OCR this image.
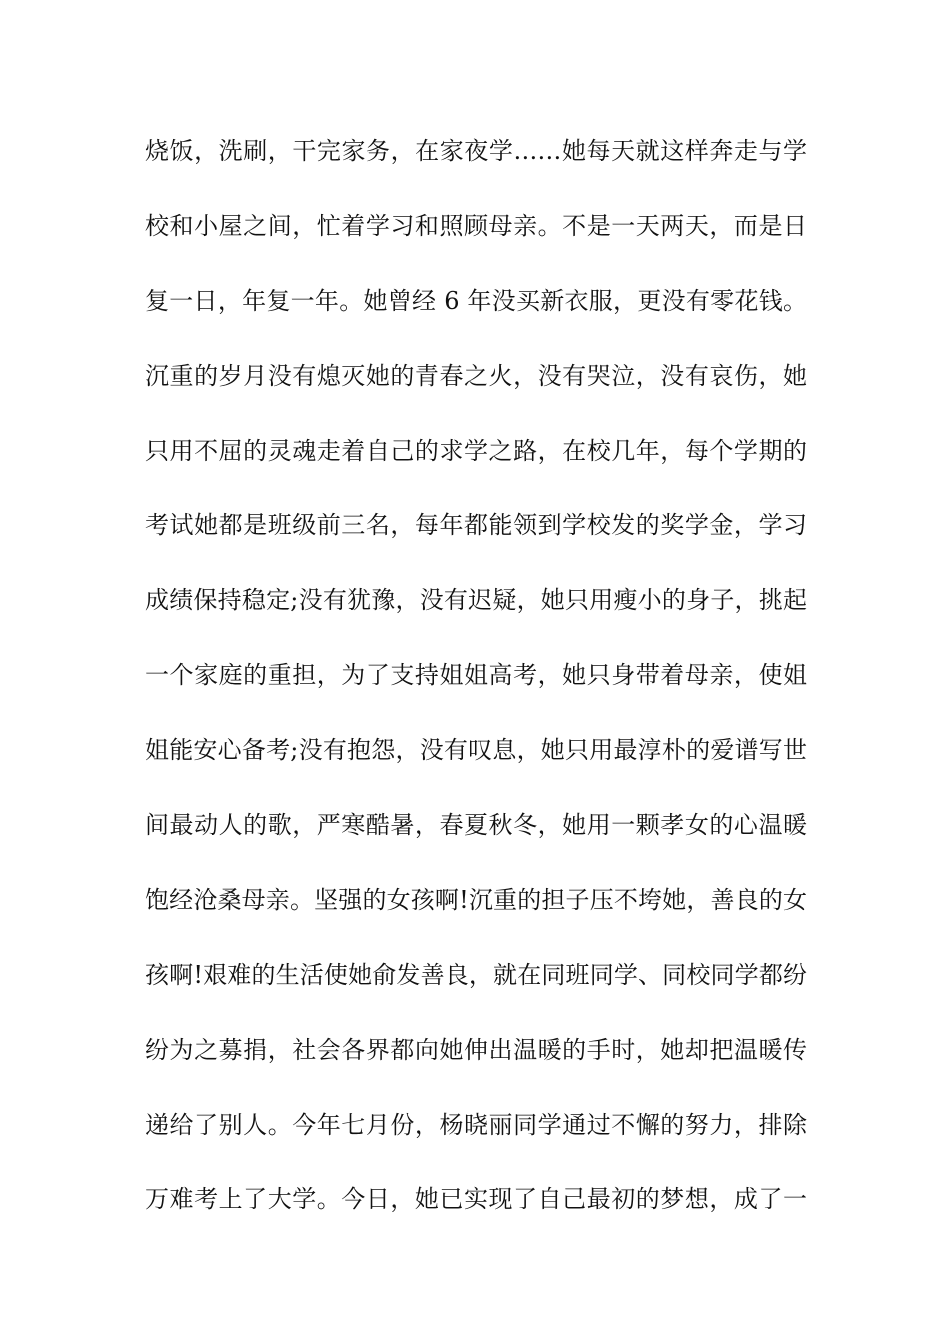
烧饭，洗刷，干完家务，在家夜学……她每天就这样奔走与学
校和小屋之间，忙着学习和照顾母亲。不是一天两天，而是日
复一日，年复一年。她曾经 6 年没买新衣服，更没有零花钱。
沉重的岁月没有熄灭她的青春之火，没有哭泣，没有哀伤，她
只用不屈的灵魂走着自己的求学之路，在校几年，每个学期的
考试她都是班级前三名，每年都能领到学校发的奖学金，学习
成绩保持稳定;没有犹豫，没有迟疑，她只用瘦小的身子，挑起
一个家庭的重担，为了支持姐姐高考，她只身带着母亲，使姐
姐能安心备考;没有抱怨，没有叹息，她只用最淳朴的爱谱写世
间最动人的歌，严寒酷暑，春夏秋冬，她用一颗孝女的心温暖
饱经沧桑母亲。坚强的女孩啊!沉重的担子压不垮她，善良的女
孩啊!艰难的生活使她俞发善良，就在同班同学、同校同学都纷
纷为之募捐，社会各界都向她伸出温暖的手时，她却把温暖传
递给了别人。今年七月份，杨晓丽同学通过不懈的努力，排除
万难考上了大学。今日，她已实现了自己最初的梦想，成了一
